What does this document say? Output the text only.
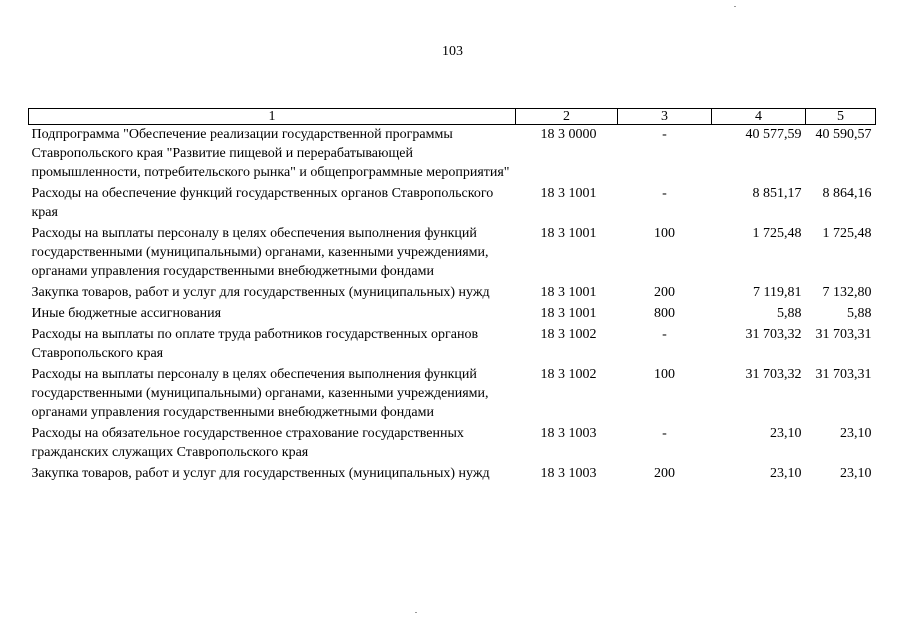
103
1	2	3	4	5
Подпрограмма "Обеспечение реализации государственной программы Ставропольского края "Развитие пищевой и перерабатывающей промышленности, потребительского рынка" и общепрограммные мероприятия"	18 3 0000	-	40 577,59	40 590,57
Расходы на обеспечение функций государственных органов Ставропольского края	18 3 1001	-	8 851,17	8 864,16
Расходы на выплаты персоналу в целях обеспечения выполнения функций государственными (муниципальными) органами, казенными учреждениями, органами управления государственными внебюджетными фондами	18 3 1001	100	1 725,48	1 725,48
Закупка товаров, работ и услуг для государственных (муниципальных) нужд	18 3 1001	200	7 119,81	7 132,80
Иные бюджетные ассигнования	18 3 1001	800	5,88	5,88
Расходы на выплаты по оплате труда работников государственных органов Ставропольского края	18 3 1002	-	31 703,32	31 703,31
Расходы на выплаты персоналу в целях обеспечения выполнения функций государственными (муниципальными) органами, казенными учреждениями, органами управления государственными внебюджетными фондами	18 3 1002	100	31 703,32	31 703,31
Расходы на обязательное государственное страхование государственных гражданских служащих Ставропольского края	18 3 1003	-	23,10	23,10
Закупка товаров, работ и услуг для государственных (муниципальных) нужд	18 3 1003	200	23,10	23,10
